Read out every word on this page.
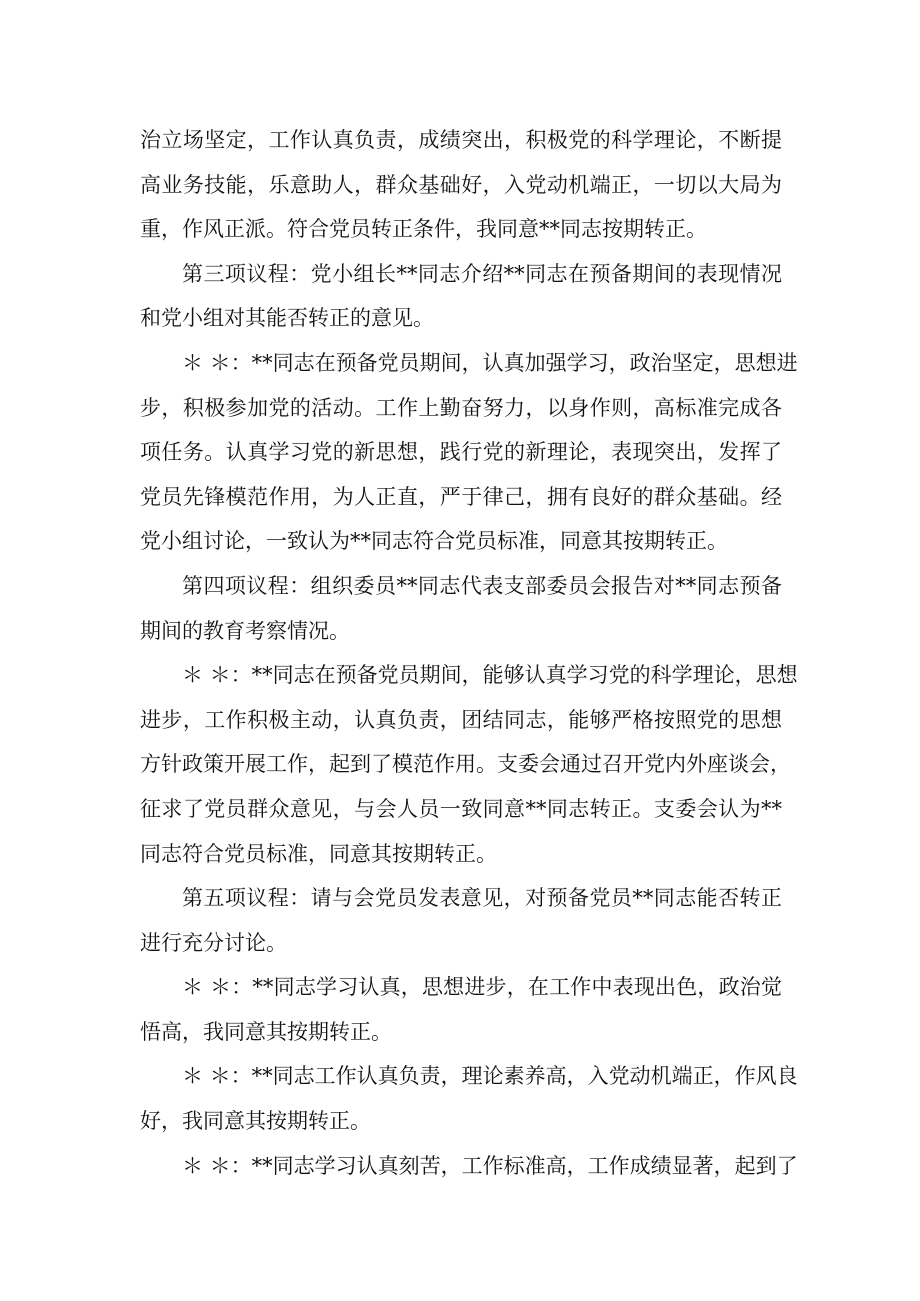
治立场坚定，工作认真负责，成绩突出，积极党的科学理论，不断提
高业务技能，乐意助人，群众基础好，入党动机端正，一切以大局为
重，作风正派。符合党员转正条件，我同意**同志按期转正。
第三项议程：党小组长**同志介绍**同志在预备期间的表现情况
和党小组对其能否转正的意见。
＊ ＊：**同志在预备党员期间，认真加强学习，政治坚定，思想进
步，积极参加党的活动。工作上勤奋努力，以身作则，高标准完成各
项任务。认真学习党的新思想，践行党的新理论，表现突出，发挥了
党员先锋模范作用，为人正直，严于律己，拥有良好的群众基础。经
党小组讨论，一致认为**同志符合党员标准，同意其按期转正。
第四项议程：组织委员**同志代表支部委员会报告对**同志预备
期间的教育考察情况。
＊ ＊：**同志在预备党员期间，能够认真学习党的科学理论，思想
进步，工作积极主动，认真负责，团结同志，能够严格按照党的思想
方针政策开展工作，起到了模范作用。支委会通过召开党内外座谈会，
征求了党员群众意见，与会人员一致同意**同志转正。支委会认为**
同志符合党员标准，同意其按期转正。
第五项议程：请与会党员发表意见，对预备党员**同志能否转正
进行充分讨论。
＊ ＊：**同志学习认真，思想进步，在工作中表现出色，政治觉
悟高，我同意其按期转正。
＊ ＊：**同志工作认真负责，理论素养高，入党动机端正，作风良
好，我同意其按期转正。
＊ ＊：**同志学习认真刻苦，工作标准高，工作成绩显著，起到了
